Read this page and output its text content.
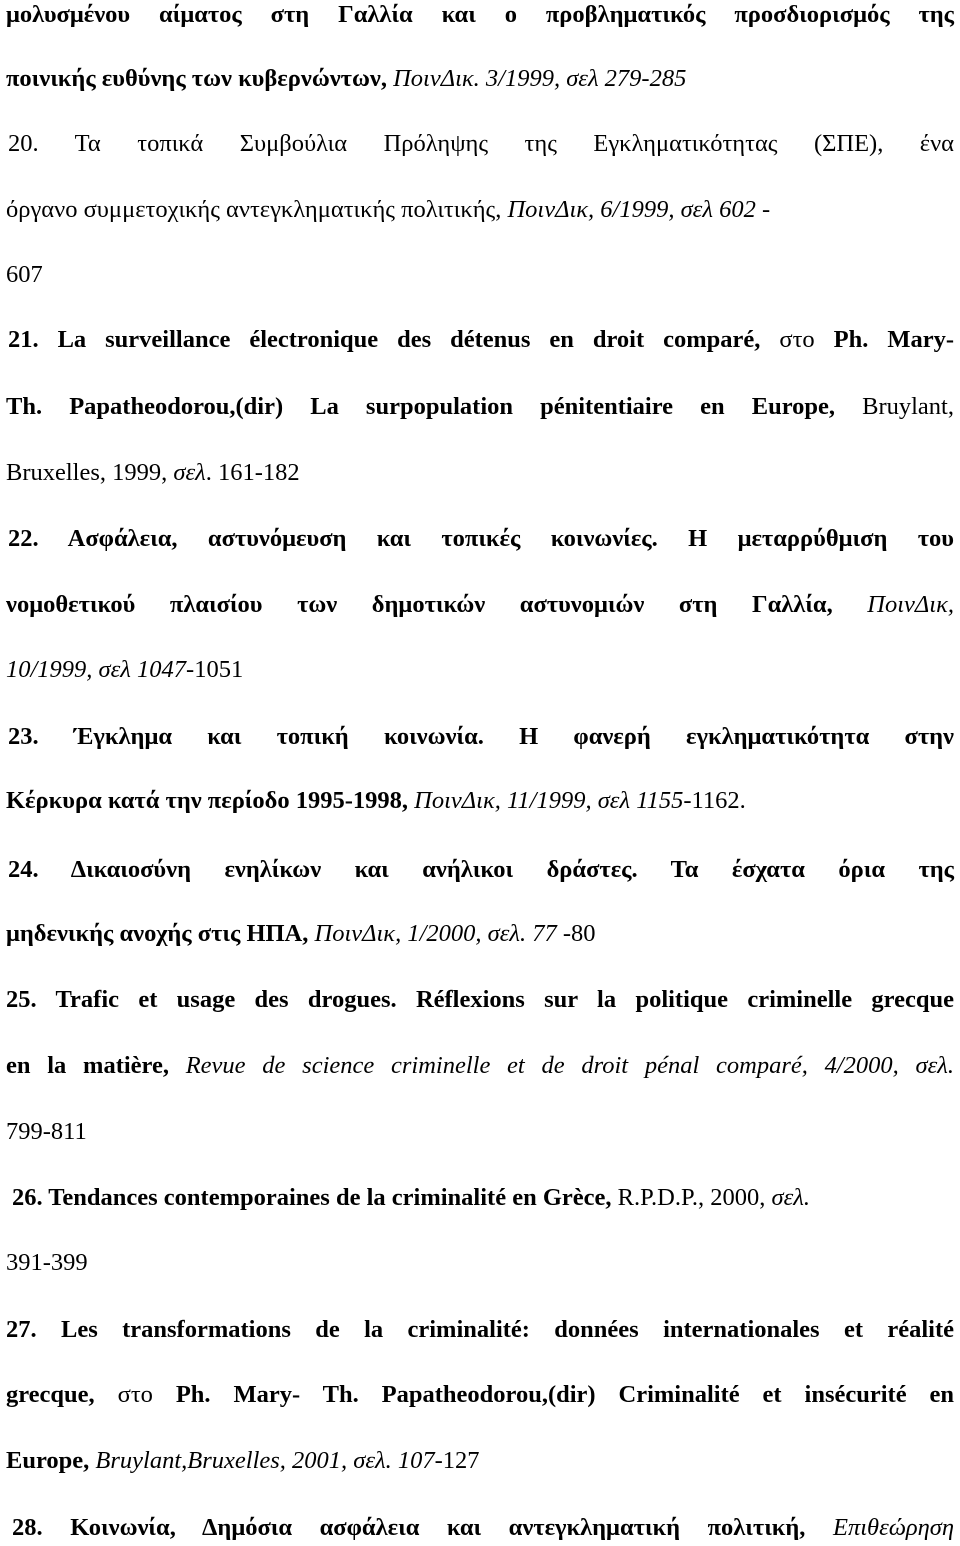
μολυσμένου αίματος στη Γαλλία και ο προβληματικός προσδιορισμός της
ποινικής ευθύνης των κυβερνώντων, ΠοινΔικ. 3/1999, σελ 279-285
20. Τα τοπικά Συμβούλια Πρόληψης της Εγκληματικότητας (ΣΠΕ), ένα
όργανο συμμετοχικής αντεγκληματικής πολιτικής, ΠοινΔικ, 6/1999, σελ 602 -
607
21. La surveillance électronique des détenus en droit comparé, στο Ph. Mary-
Th. Papatheodorou,(dir) La surpopulation pénitentiaire en Europe, Bruylant,
Bruxelles, 1999, σελ. 161-182
22. Ασφάλεια, αστυνόμευση και τοπικές κοινωνίες. Η μεταρρύθμιση του
νομοθετικού πλαισίου των δημοτικών αστυνομιών στη Γαλλία, ΠοινΔικ,
10/1999, σελ 1047-1051
23. Έγκλημα και τοπική κοινωνία. Η φανερή εγκληματικότητα στην
Κέρκυρα κατά την περίοδο 1995-1998, ΠοινΔικ, 11/1999, σελ 1155-1162.
24. Δικαιοσύνη ενηλίκων και ανήλικοι δράστες. Τα έσχατα όρια της
μηδενικής ανοχής στις ΗΠΑ, ΠοινΔικ, 1/2000, σελ. 77 -80
25. Trafic et usage des drogues. Réflexions sur la politique criminelle grecque
en la matière, Revue de science criminelle et de droit pénal comparé, 4/2000, σελ.
799-811
26. Tendances contemporaines de la criminalité en Grèce, R.P.D.P., 2000, σελ.
391-399
27. Les transformations de la criminalité: données internationales et réalité
grecque, στο Ph. Mary- Th. Papatheodorou,(dir) Criminalité et insécurité en
Europe, Bruylant,Bruxelles, 2001, σελ. 107-127
28. Κοινωνία, Δημόσια ασφάλεια και αντεγκληματική πολιτική, Επιθεώρηση
